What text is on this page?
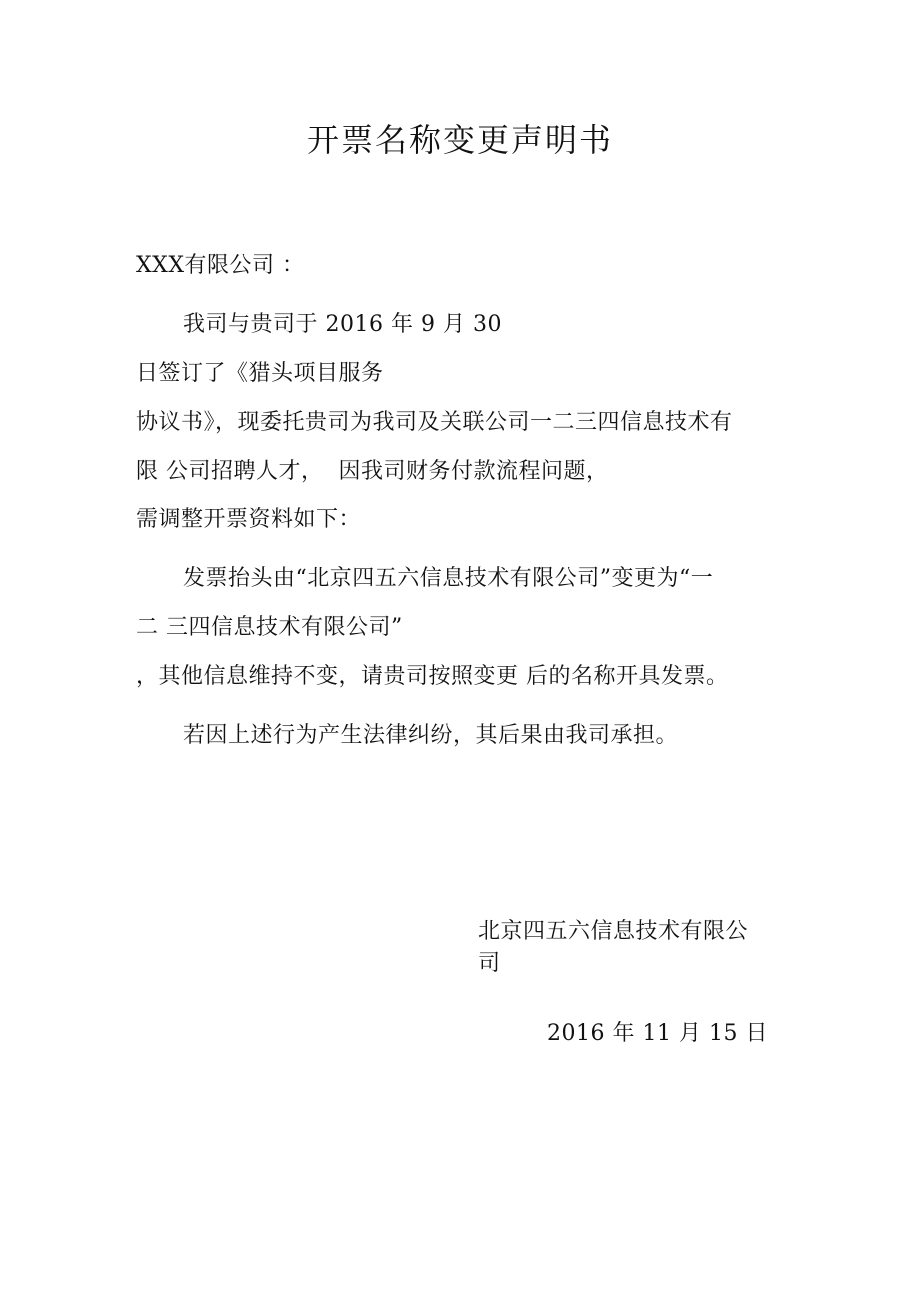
开票名称变更声明书
XXX有限公司 ：
我司与贵司于 2016 年 9 月 30
日签订了《猎头项目服务
协议书》，现委托贵司为我司及关联公司一二三四信息技术有
限 公司招聘人才，  因我司财务付款流程问题，
需调整开票资料如下：
发票抬头由“北京四五六信息技术有限公司”变更为“一
二 三四信息技术有限公司”
，其他信息维持不变，请贵司按照变更 后的名称开具发票。
若因上述行为产生法律纠纷，其后果由我司承担。
北京四五六信息技术有限公
司
2016 年 11 月 15 日
